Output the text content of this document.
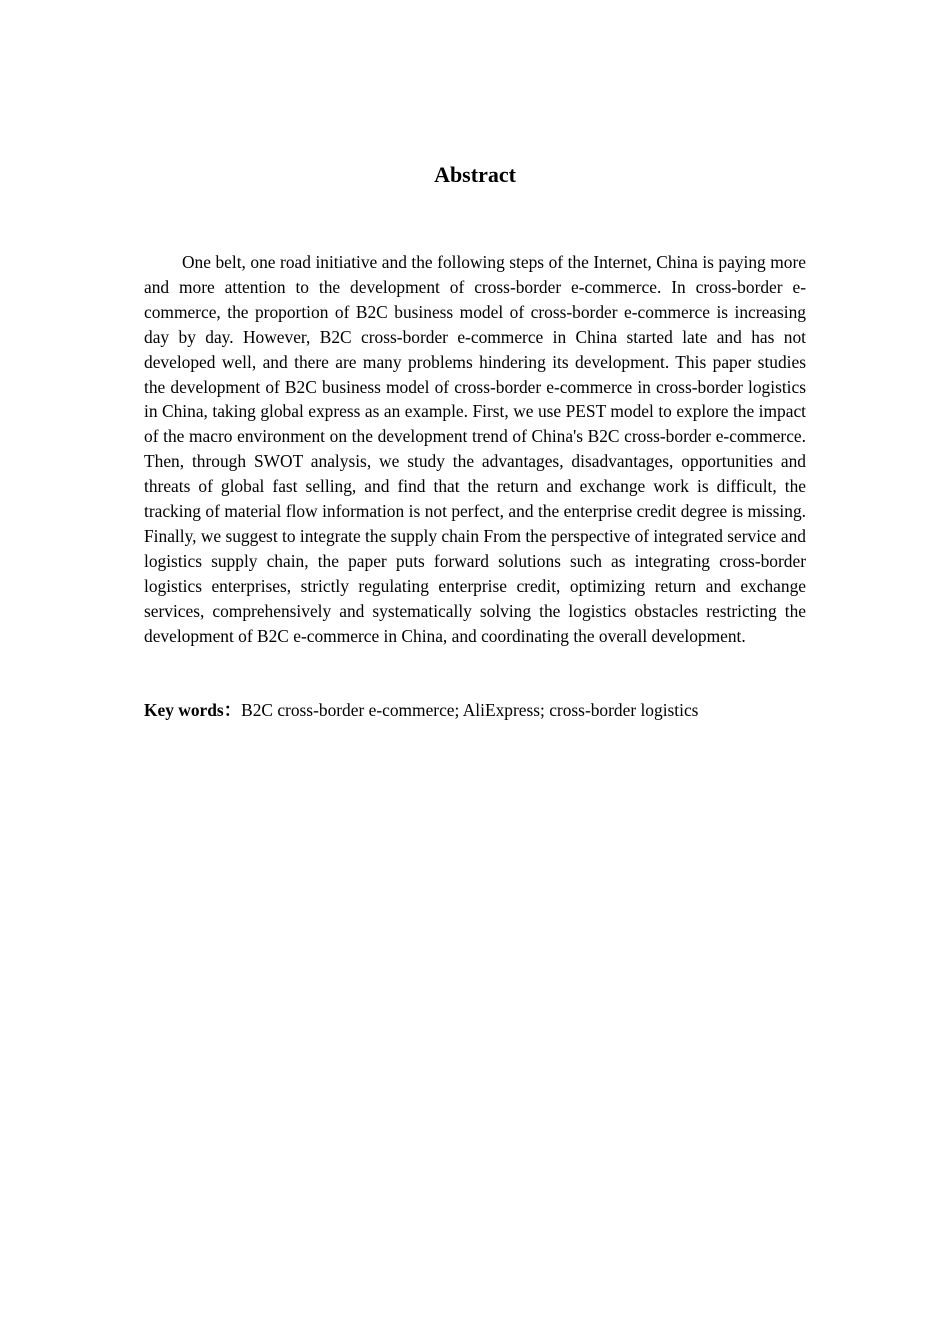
Abstract

One belt, one road initiative and the following steps of the Internet, China is paying more and more attention to the development of cross-border e-commerce. In cross-border e-commerce, the proportion of B2C business model of cross-border e-commerce is increasing day by day. However, B2C cross-border e-commerce in China started late and has not developed well, and there are many problems hindering its development. This paper studies the development of B2C business model of cross-border e-commerce in cross-border logistics in China, taking global express as an example. First, we use PEST model to explore the impact of the macro environment on the development trend of China's B2C cross-border e-commerce. Then, through SWOT analysis, we study the advantages, disadvantages, opportunities and threats of global fast selling, and find that the return and exchange work is difficult, the tracking of material flow information is not perfect, and the enterprise credit degree is missing. Finally, we suggest to integrate the supply chain From the perspective of integrated service and logistics supply chain, the paper puts forward solutions such as integrating cross-border logistics enterprises, strictly regulating enterprise credit, optimizing return and exchange services, comprehensively and systematically solving the logistics obstacles restricting the development of B2C e-commerce in China, and coordinating the overall development.

Key words：B2C cross-border e-commerce; AliExpress; cross-border logistics
